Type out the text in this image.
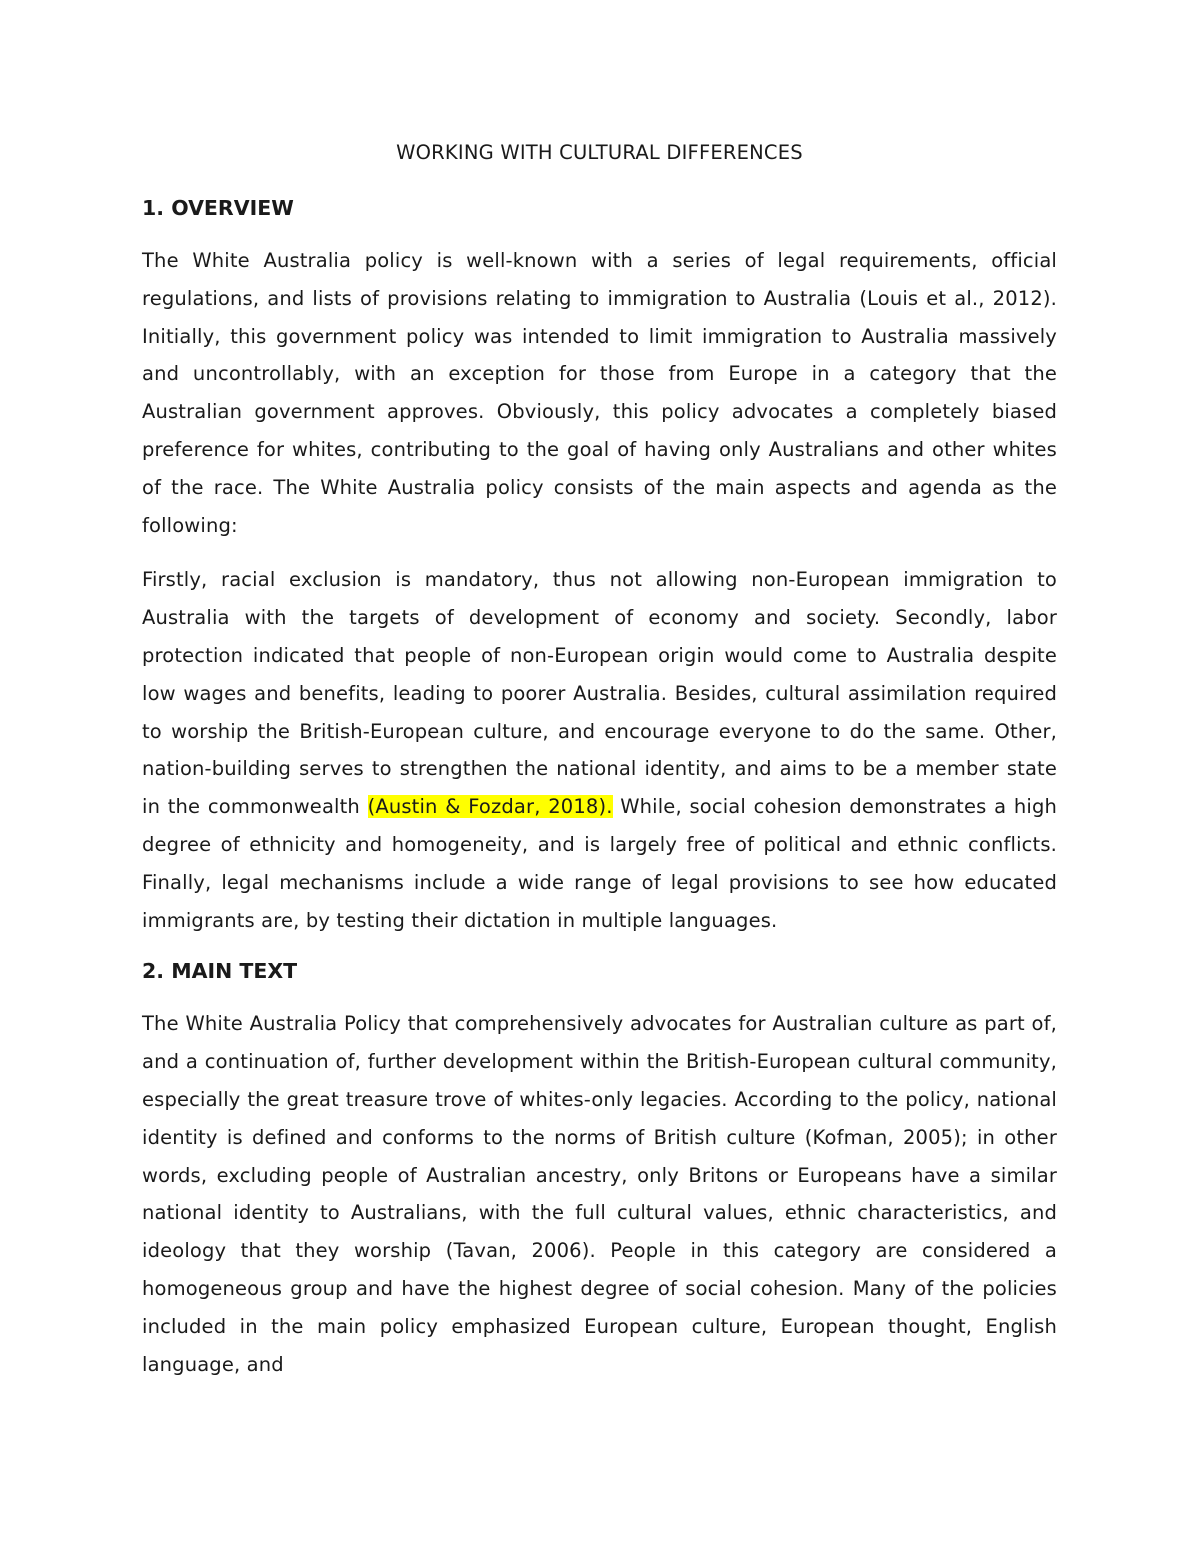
WORKING WITH CULTURAL DIFFERENCES
1. OVERVIEW

The White Australia policy is well-known with a series of legal requirements, official regulations, and lists of provisions relating to immigration to Australia (Louis et al., 2012). Initially, this government policy was intended to limit immigration to Australia massively and uncontrollably, with an exception for those from Europe in a category that the Australian government approves. Obviously, this policy advocates a completely biased preference for whites, contributing to the goal of having only Australians and other whites of the race. The White Australia policy consists of the main aspects and agenda as the following:

Firstly, racial exclusion is mandatory, thus not allowing non-European immigration to Australia with the targets of development of economy and society. Secondly, labor protection indicated that people of non-European origin would come to Australia despite low wages and benefits, leading to poorer Australia. Besides, cultural assimilation required to worship the British-European culture, and encourage everyone to do the same. Other, nation-building serves to strengthen the national identity, and aims to be a member state in the commonwealth (Austin & Fozdar, 2018). While, social cohesion demonstrates a high degree of ethnicity and homogeneity, and is largely free of political and ethnic conflicts. Finally, legal mechanisms include a wide range of legal provisions to see how educated immigrants are, by testing their dictation in multiple languages.

2. MAIN TEXT

The White Australia Policy that comprehensively advocates for Australian culture as part of, and a continuation of, further development within the British-European cultural community, especially the great treasure trove of whites-only legacies. According to the policy, national identity is defined and conforms to the norms of British culture (Kofman, 2005); in other words, excluding people of Australian ancestry, only Britons or Europeans have a similar national identity to Australians, with the full cultural values, ethnic characteristics, and ideology that they worship (Tavan, 2006). People in this category are considered a homogeneous group and have the highest degree of social cohesion. Many of the policies included in the main policy emphasized European culture, European thought, English language, and
